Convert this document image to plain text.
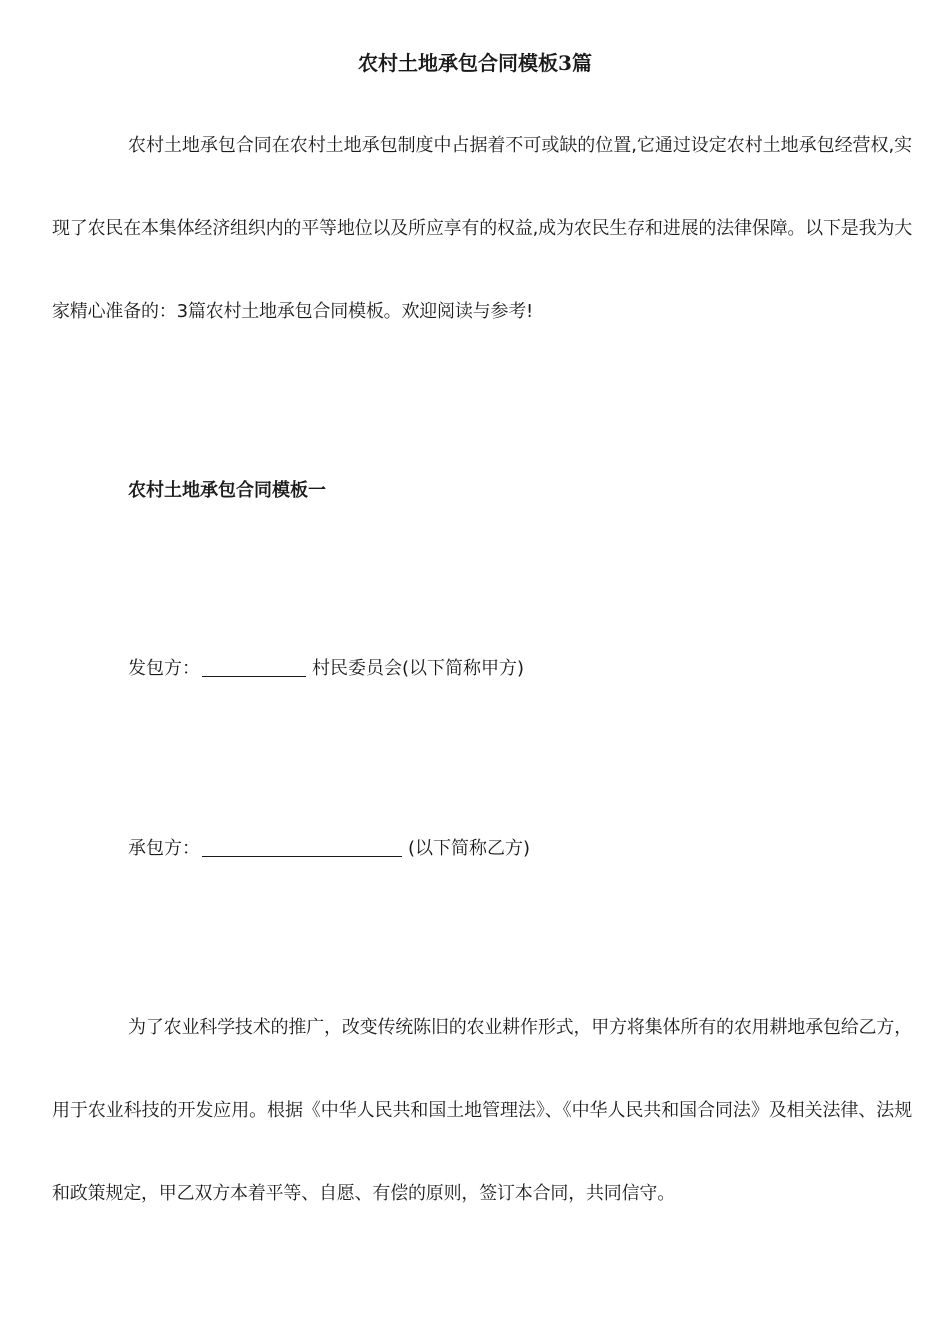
农村土地承包合同模板3篇

农村土地承包合同在农村土地承包制度中占据着不可或缺的位置,它通过设定农村土地承包经营权,实现了农民在本集体经济组织内的平等地位以及所应享有的权益,成为农民生存和进展的法律保障。以下是我为大家精心准备的：3篇农村土地承包合同模板。欢迎阅读与参考!

农村土地承包合同模板一
发包方：	村民委员会(以下简称甲方)
承包方：	(以下简称乙方)

为了农业科学技术的推广，改变传统陈旧的农业耕作形式，甲方将集体所有的农用耕地承包给乙方，用于农业科技的开发应用。根据《中华人民共和国土地管理法》、《中华人民共和国合同法》及相关法律、法规和政策规定，甲乙双方本着平等、自愿、有偿的原则，签订本合同，共同信守。
